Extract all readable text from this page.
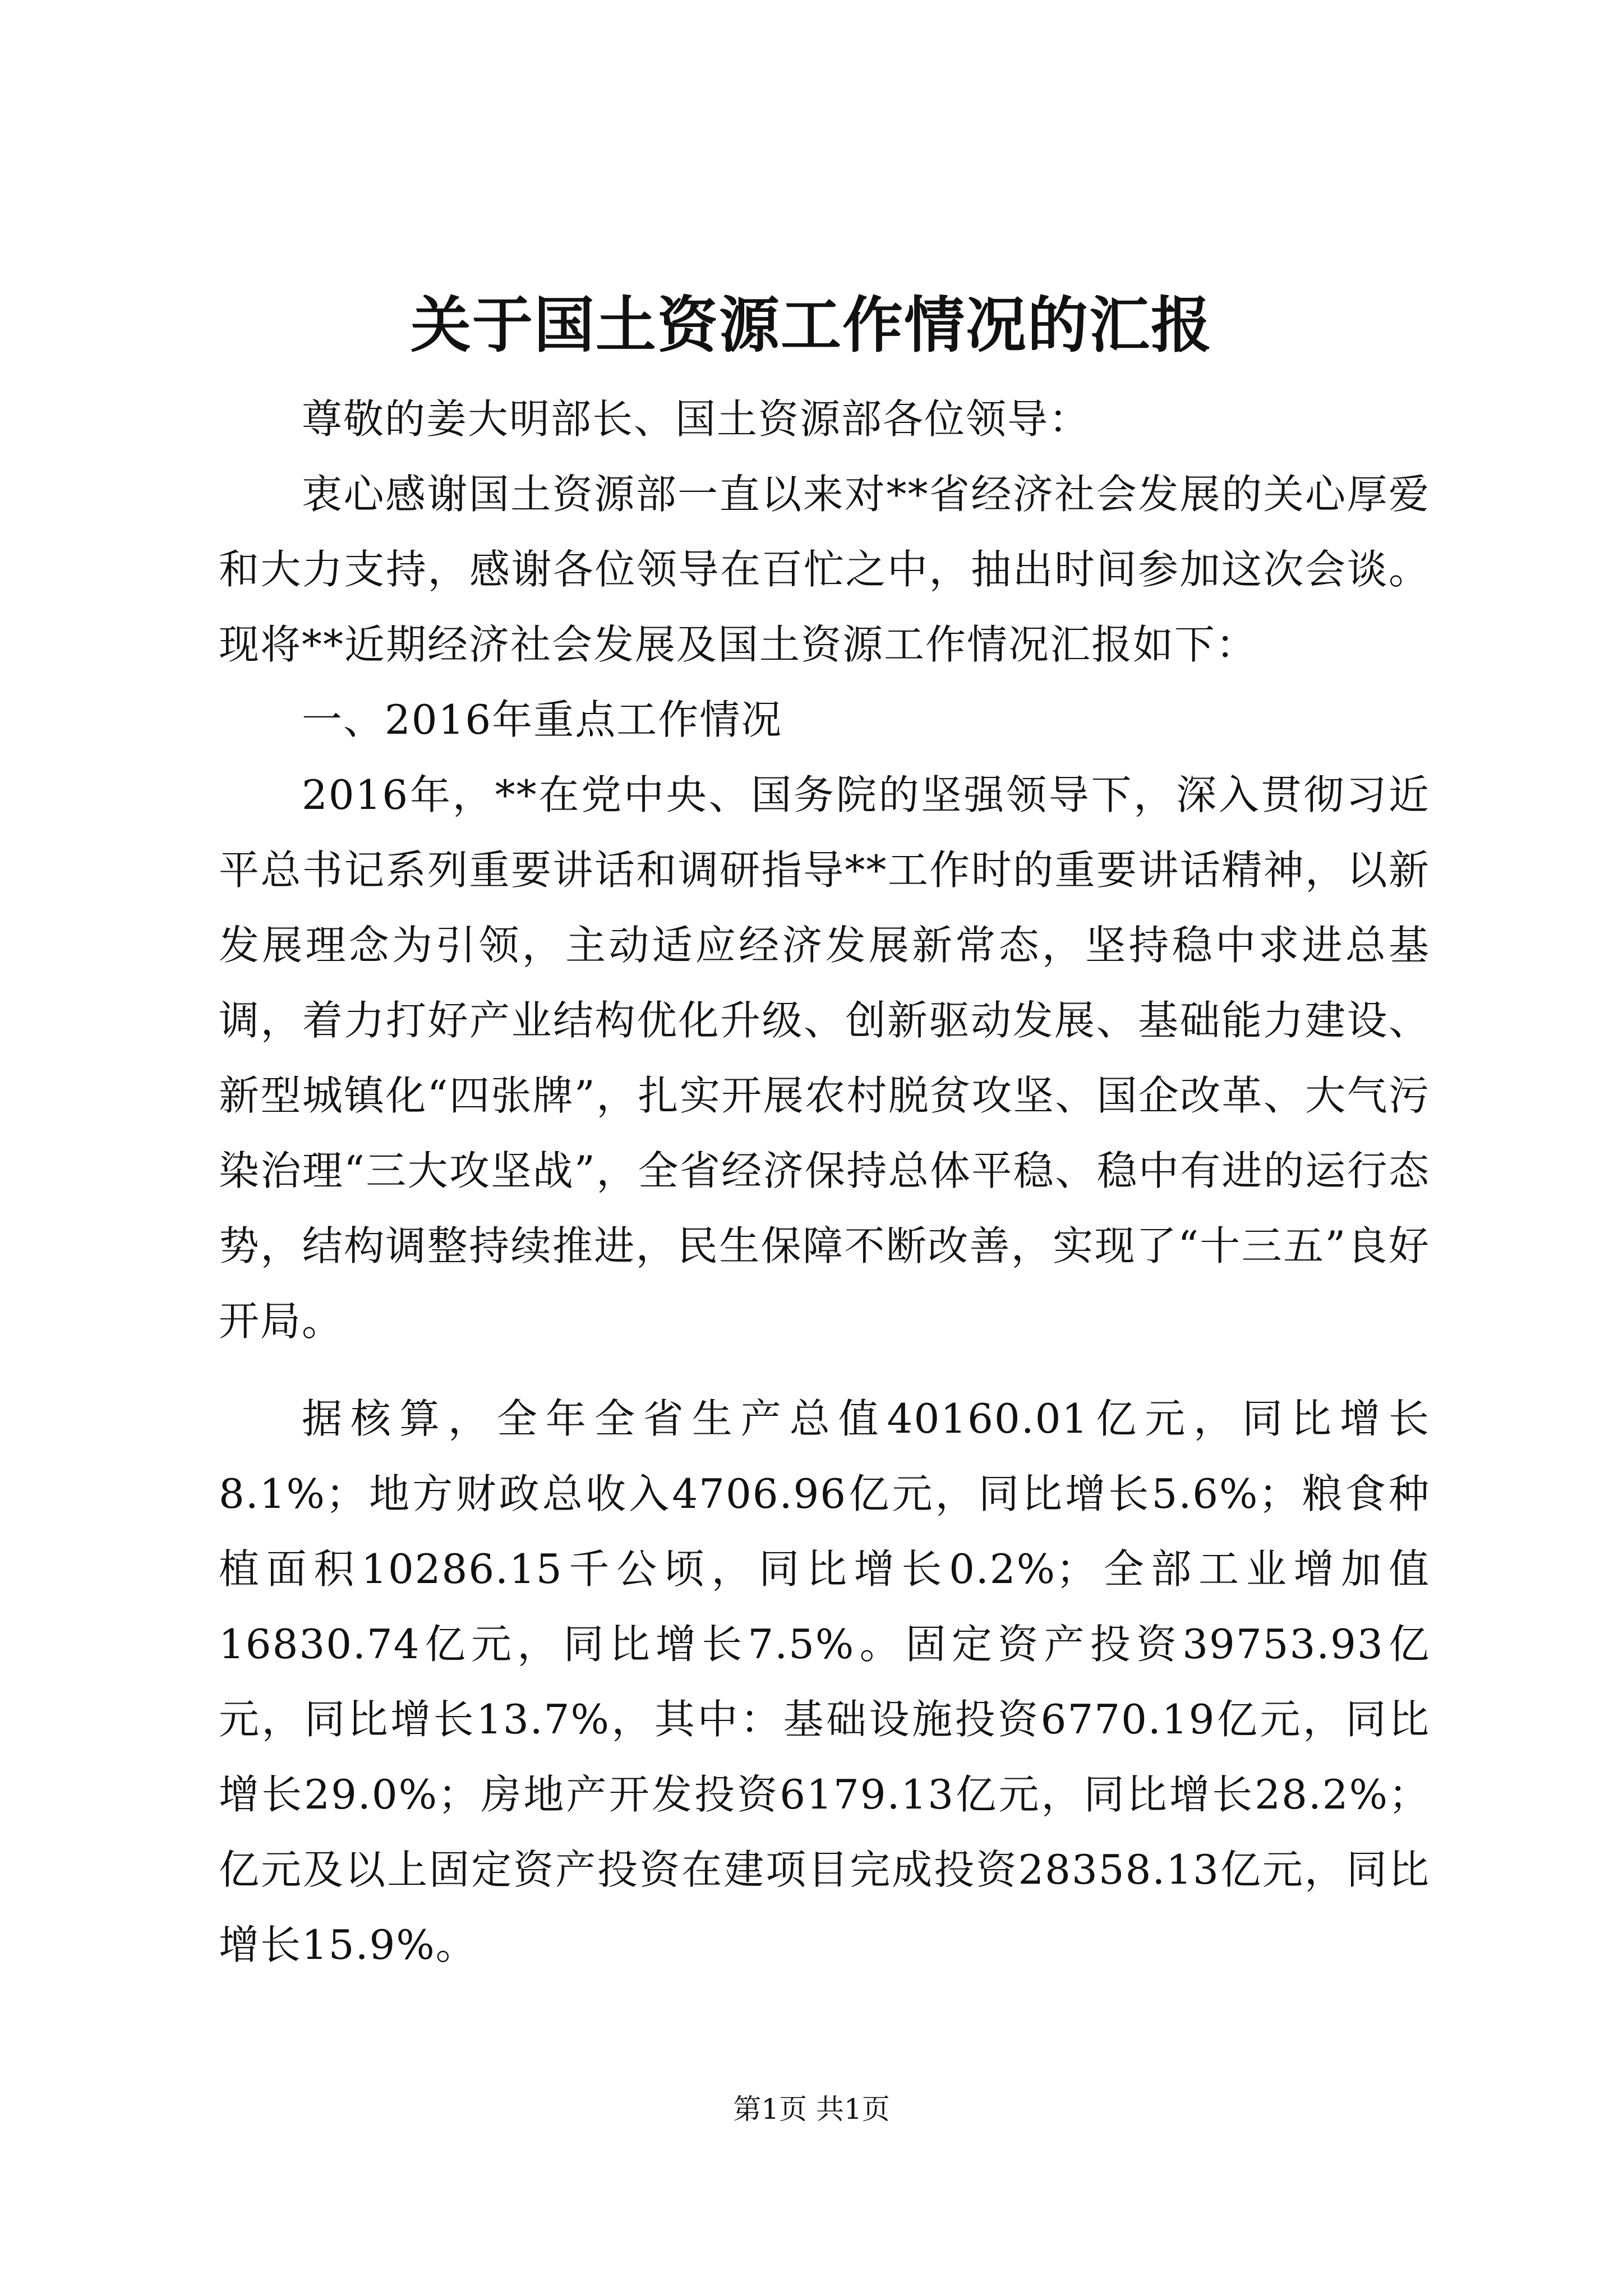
关于国土资源工作情况的汇报

尊敬的姜大明部长、国土资源部各位领导：

衷心感谢国土资源部一直以来对**省经济社会发展的关心厚爱和大力支持，感谢各位领导在百忙之中，抽出时间参加这次会谈。现将**近期经济社会发展及国土资源工作情况汇报如下：

一、2016年重点工作情况

2016年，**在党中央、国务院的坚强领导下，深入贯彻习近平总书记系列重要讲话和调研指导**工作时的重要讲话精神，以新发展理念为引领，主动适应经济发展新常态，坚持稳中求进总基调，着力打好产业结构优化升级、创新驱动发展、基础能力建设、新型城镇化“四张牌”，扎实开展农村脱贫攻坚、国企改革、大气污染治理“三大攻坚战”，全省经济保持总体平稳、稳中有进的运行态势，结构调整持续推进，民生保障不断改善，实现了“十三五”良好开局。

据核算，全年全省生产总值40160.01亿元，同比增长8.1%；地方财政总收入4706.96亿元，同比增长5.6%；粮食种植面积10286.15千公顷，同比增长0.2%；全部工业增加值16830.74亿元，同比增长7.5%。固定资产投资39753.93亿元，同比增长13.7%，其中：基础设施投资6770.19亿元，同比增长29.0%；房地产开发投资6179.13亿元，同比增长28.2%；亿元及以上固定资产投资在建项目完成投资28358.13亿元，同比增长15.9%。

第1页 共1页
